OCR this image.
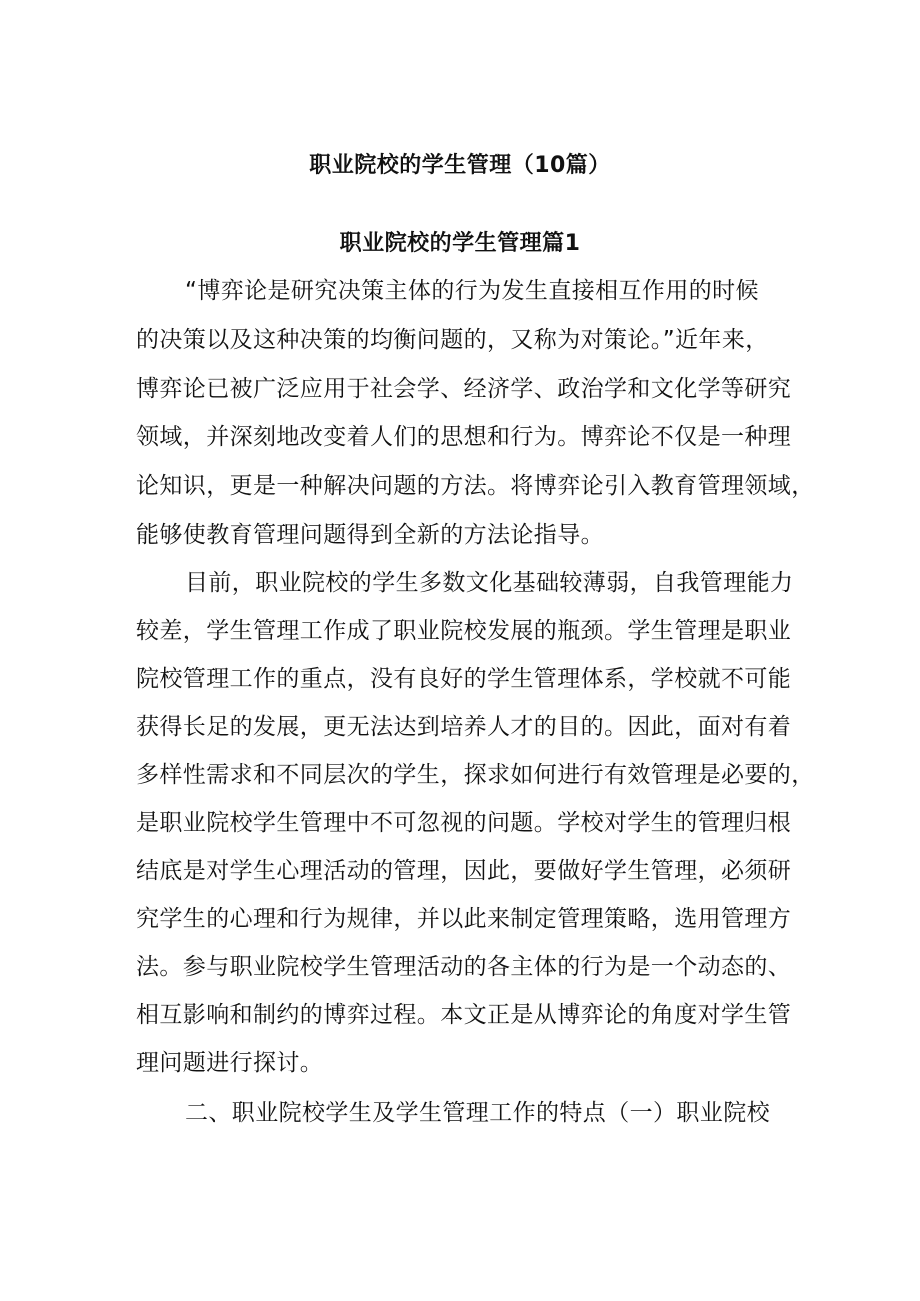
职业院校的学生管理（10篇）
职业院校的学生管理篇1
“博弈论是研究决策主体的行为发生直接相互作用的时候
的决策以及这种决策的均衡问题的，又称为对策论。”近年来，
博弈论已被广泛应用于社会学、经济学、政治学和文化学等研究
领域，并深刻地改变着人们的思想和行为。博弈论不仅是一种理
论知识，更是一种解决问题的方法。将博弈论引入教育管理领域，
能够使教育管理问题得到全新的方法论指导。
目前，职业院校的学生多数文化基础较薄弱，自我管理能力
较差，学生管理工作成了职业院校发展的瓶颈。学生管理是职业
院校管理工作的重点，没有良好的学生管理体系，学校就不可能
获得长足的发展，更无法达到培养人才的目的。因此，面对有着
多样性需求和不同层次的学生，探求如何进行有效管理是必要的，
是职业院校学生管理中不可忽视的问题。学校对学生的管理归根
结底是对学生心理活动的管理，因此，要做好学生管理，必须研
究学生的心理和行为规律，并以此来制定管理策略，选用管理方
法。参与职业院校学生管理活动的各主体的行为是一个动态的、
相互影响和制约的博弈过程。本文正是从博弈论的角度对学生管
理问题进行探讨。
二、职业院校学生及学生管理工作的特点（一）职业院校
